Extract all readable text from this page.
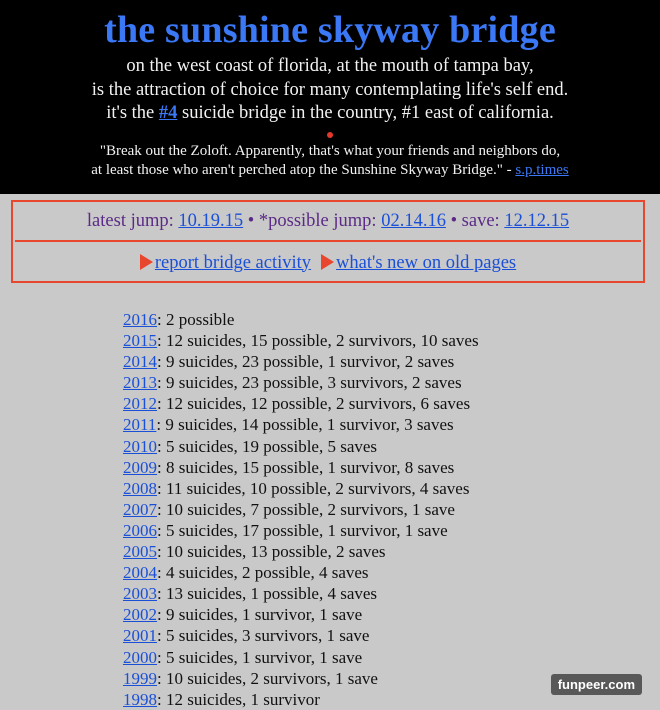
the sunshine skyway bridge
on the west coast of florida, at the mouth of tampa bay,
is the attraction of choice for many contemplating life's self end.
it's the #4 suicide bridge in the country, #1 east of california.
"Break out the Zoloft. Apparently, that's what your friends and neighbors do,
at least those who aren't perched atop the Sunshine Skyway Bridge." - s.p.times
latest jump: 10.19.15 • *possible jump: 02.14.16 • save: 12.12.15
report bridge activity what's new on old pages
2016: 2 possible
2015: 12 suicides, 15 possible, 2 survivors, 10 saves
2014: 9 suicides, 23 possible, 1 survivor, 2 saves
2013: 9 suicides, 23 possible, 3 survivors, 2 saves
2012: 12 suicides, 12 possible, 2 survivors, 6 saves
2011: 9 suicides, 14 possible, 1 survivor, 3 saves
2010: 5 suicides, 19 possible, 5 saves
2009: 8 suicides, 15 possible, 1 survivor, 8 saves
2008: 11 suicides, 10 possible, 2 survivors, 4 saves
2007: 10 suicides, 7 possible, 2 survivors, 1 save
2006: 5 suicides, 17 possible, 1 survivor, 1 save
2005: 10 suicides, 13 possible, 2 saves
2004: 4 suicides, 2 possible, 4 saves
2003: 13 suicides, 1 possible, 4 saves
2002: 9 suicides, 1 survivor, 1 save
2001: 5 suicides, 3 survivors, 1 save
2000: 5 suicides, 1 survivor, 1 save
1999: 10 suicides, 2 survivors, 1 save
1998: 12 suicides, 1 survivor
funpeer.com
